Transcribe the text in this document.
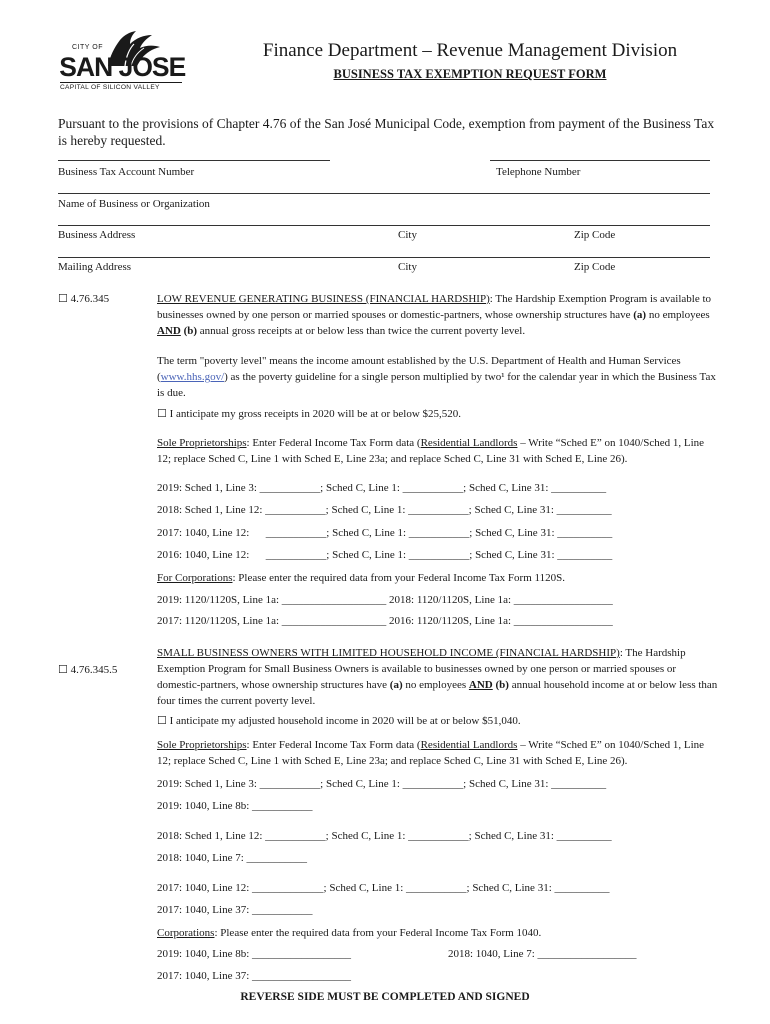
CITY OF
SAN JOSE
CAPITAL OF SILICON VALLEY
Finance Department – Revenue Management Division
BUSINESS TAX EXEMPTION REQUEST FORM
Pursuant to the provisions of Chapter 4.76 of the San José Municipal Code, exemption from payment of the Business Tax is hereby requested.
Business Tax Account Number	Telephone Number
Name of Business or Organization
Business Address	City	Zip Code
Mailing Address	City	Zip Code
☐ 4.76.345	LOW REVENUE GENERATING BUSINESS (FINANCIAL HARDSHIP): The Hardship Exemption Program is available to businesses owned by one person or married spouses or domestic-partners, whose ownership structures have (a) no employees AND (b) annual gross receipts at or below less than twice the current poverty level.
The term "poverty level" means the income amount established by the U.S. Department of Health and Human Services (www.hhs.gov/) as the poverty guideline for a single person multiplied by two¹ for the calendar year in which the Business Tax is due.
☐ I anticipate my gross receipts in 2020 will be at or below $25,520.
Sole Proprietorships: Enter Federal Income Tax Form data (Residential Landlords – Write “Sched E” on 1040/Sched 1, Line 12; replace Sched C, Line 1 with Sched E, Line 23a; and replace Sched C, Line 31 with Sched E, Line 26).
2019: Sched 1, Line 3: ___________; Sched C, Line 1: ___________; Sched C, Line 31: __________
2018: Sched 1, Line 12: ___________; Sched C, Line 1: ___________; Sched C, Line 31: __________
2017: 1040, Line 12:      ___________; Sched C, Line 1: ___________; Sched C, Line 31: __________
2016: 1040, Line 12:      ___________; Sched C, Line 1: ___________; Sched C, Line 31: __________
For Corporations: Please enter the required data from your Federal Income Tax Form 1120S.
2019: 1120/1120S, Line 1a: ___________________ 2018: 1120/1120S, Line 1a: __________________
2017: 1120/1120S, Line 1a: ___________________ 2016: 1120/1120S, Line 1a: __________________
☐ 4.76.345.5
SMALL BUSINESS OWNERS WITH LIMITED HOUSEHOLD INCOME (FINANCIAL HARDSHIP): The Hardship Exemption Program for Small Business Owners is available to businesses owned by one person or married spouses or domestic-partners, whose ownership structures have (a) no employees AND (b) annual household income at or below less than four times the current poverty level.
☐ I anticipate my adjusted household income in 2020 will be at or below $51,040.
Sole Proprietorships: Enter Federal Income Tax Form data (Residential Landlords – Write “Sched E” on 1040/Sched 1, Line 12; replace Sched C, Line 1 with Sched E, Line 23a; and replace Sched C, Line 31 with Sched E, Line 26).
2019: Sched 1, Line 3: ___________; Sched C, Line 1: ___________; Sched C, Line 31: __________
2019: 1040, Line 8b: ___________
2018: Sched 1, Line 12: ___________; Sched C, Line 1: ___________; Sched C, Line 31: __________
2018: 1040, Line 7: ___________
2017: 1040, Line 12: _____________; Sched C, Line 1: ___________; Sched C, Line 31: __________
2017: 1040, Line 37: ___________
Corporations: Please enter the required data from your Federal Income Tax Form 1040.
2019: 1040, Line 8b: __________________	2018: 1040, Line 7: __________________
2017: 1040, Line 37: __________________
REVERSE SIDE MUST BE COMPLETED AND SIGNED
